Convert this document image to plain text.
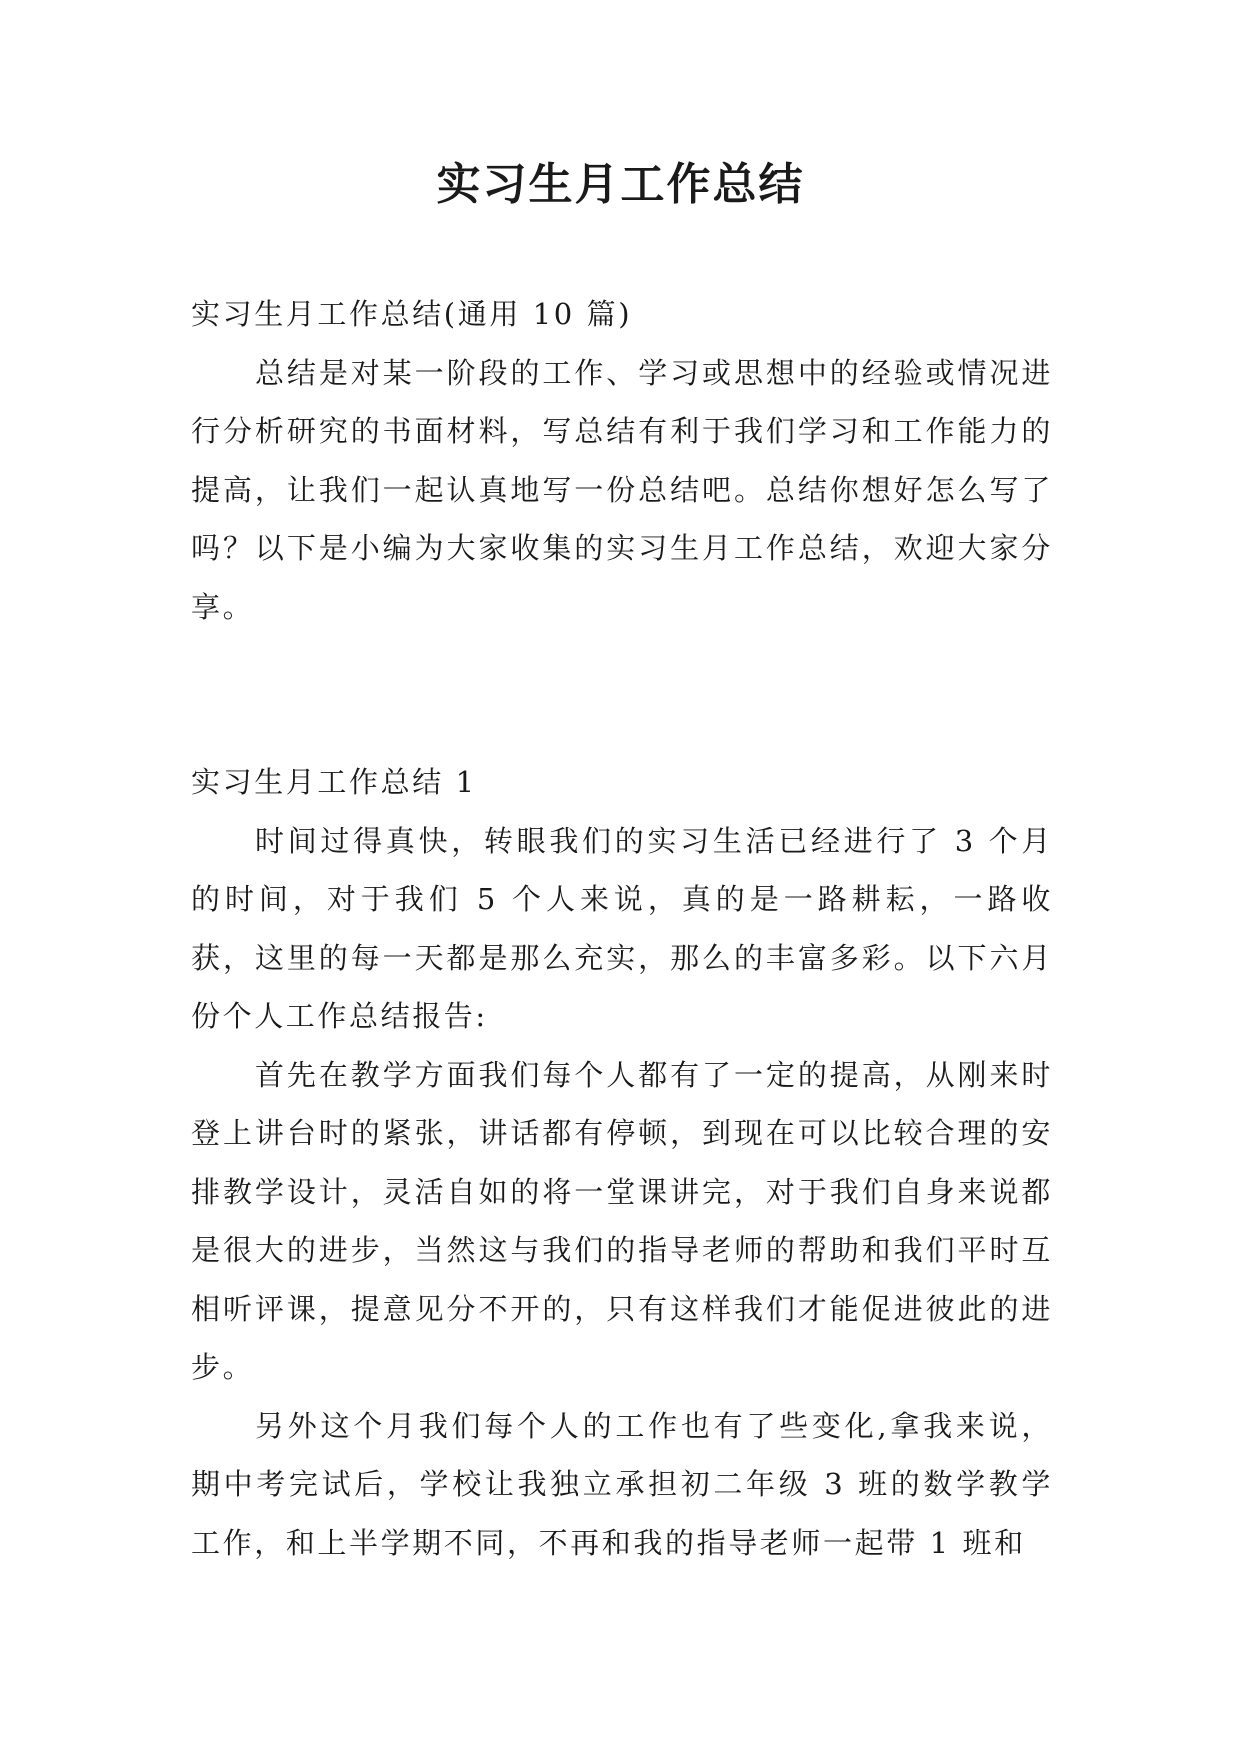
实习生月工作总结

实习生月工作总结(通用 10 篇)

总结是对某一阶段的工作、学习或思想中的经验或情况进行分析研究的书面材料，写总结有利于我们学习和工作能力的提高，让我们一起认真地写一份总结吧。总结你想好怎么写了吗？以下是小编为大家收集的实习生月工作总结，欢迎大家分享。

实习生月工作总结 1

时间过得真快，转眼我们的实习生活已经进行了 3 个月的时间，对于我们 5 个人来说，真的是一路耕耘，一路收获，这里的每一天都是那么充实，那么的丰富多彩。以下六月份个人工作总结报告:

首先在教学方面我们每个人都有了一定的提高，从刚来时登上讲台时的紧张，讲话都有停顿，到现在可以比较合理的安排教学设计，灵活自如的将一堂课讲完，对于我们自身来说都是很大的进步，当然这与我们的指导老师的帮助和我们平时互相听评课，提意见分不开的，只有这样我们才能促进彼此的进步。

另外这个月我们每个人的工作也有了些变化,拿我来说，期中考完试后，学校让我独立承担初二年级 3 班的数学教学工作，和上半学期不同，不再和我的指导老师一起带 1 班和
